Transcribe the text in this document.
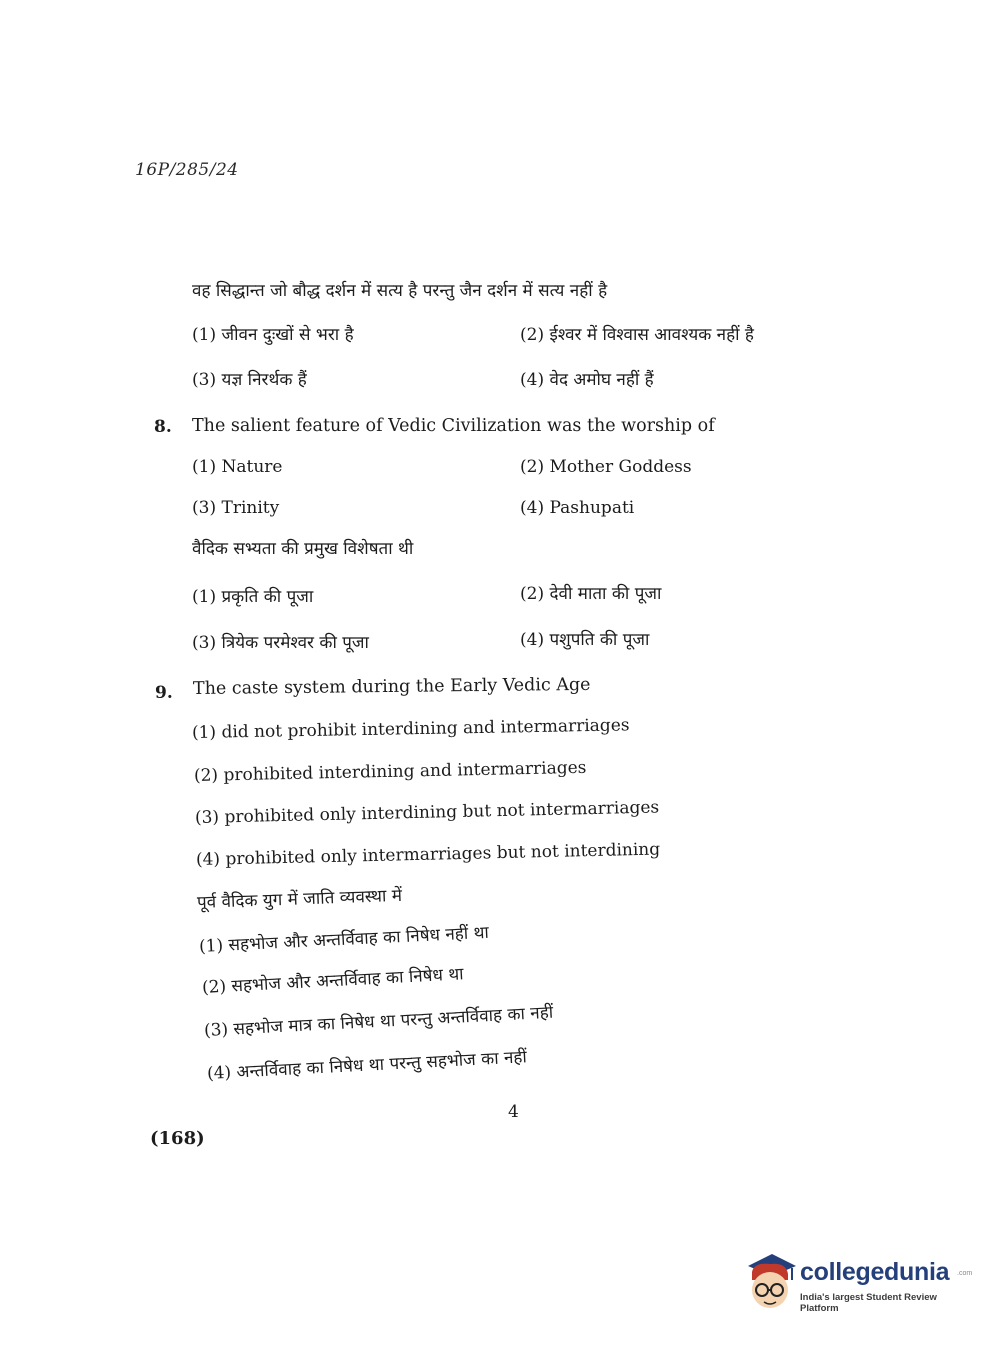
16P/285/24
वह सिद्धान्त जो बौद्ध दर्शन में सत्य है परन्तु जैन दर्शन में सत्य नहीं है
(1) जीवन दुःखों से भरा है	(2) ईश्वर में विश्वास आवश्यक नहीं है
(3) यज्ञ निरर्थक हैं	(4) वेद अमोघ नहीं हैं
8. The salient feature of Vedic Civilization was the worship of
(1) Nature	(2) Mother Goddess
(3) Trinity	(4) Pashupati
वैदिक सभ्यता की प्रमुख विशेषता थी
(1) प्रकृति की पूजा	(2) देवी माता की पूजा
(3) त्रियेक परमेश्वर की पूजा	(4) पशुपति की पूजा
9. The caste system during the Early Vedic Age
(1) did not prohibit interdining and intermarriages
(2) prohibited interdining and intermarriages
(3) prohibited only interdining but not intermarriages
(4) prohibited only intermarriages but not interdining
पूर्व वैदिक युग में जाति व्यवस्था में
(1) सहभोज और अन्तर्विवाह का निषेध नहीं था
(2) सहभोज और अन्तर्विवाह का निषेध था
(3) सहभोज मात्र का निषेध था परन्तु अन्तर्विवाह का नहीं
(4) अन्तर्विवाह का निषेध था परन्तु सहभोज का नहीं
4
(168)
collegedunia .com
India's largest Student Review Platform
